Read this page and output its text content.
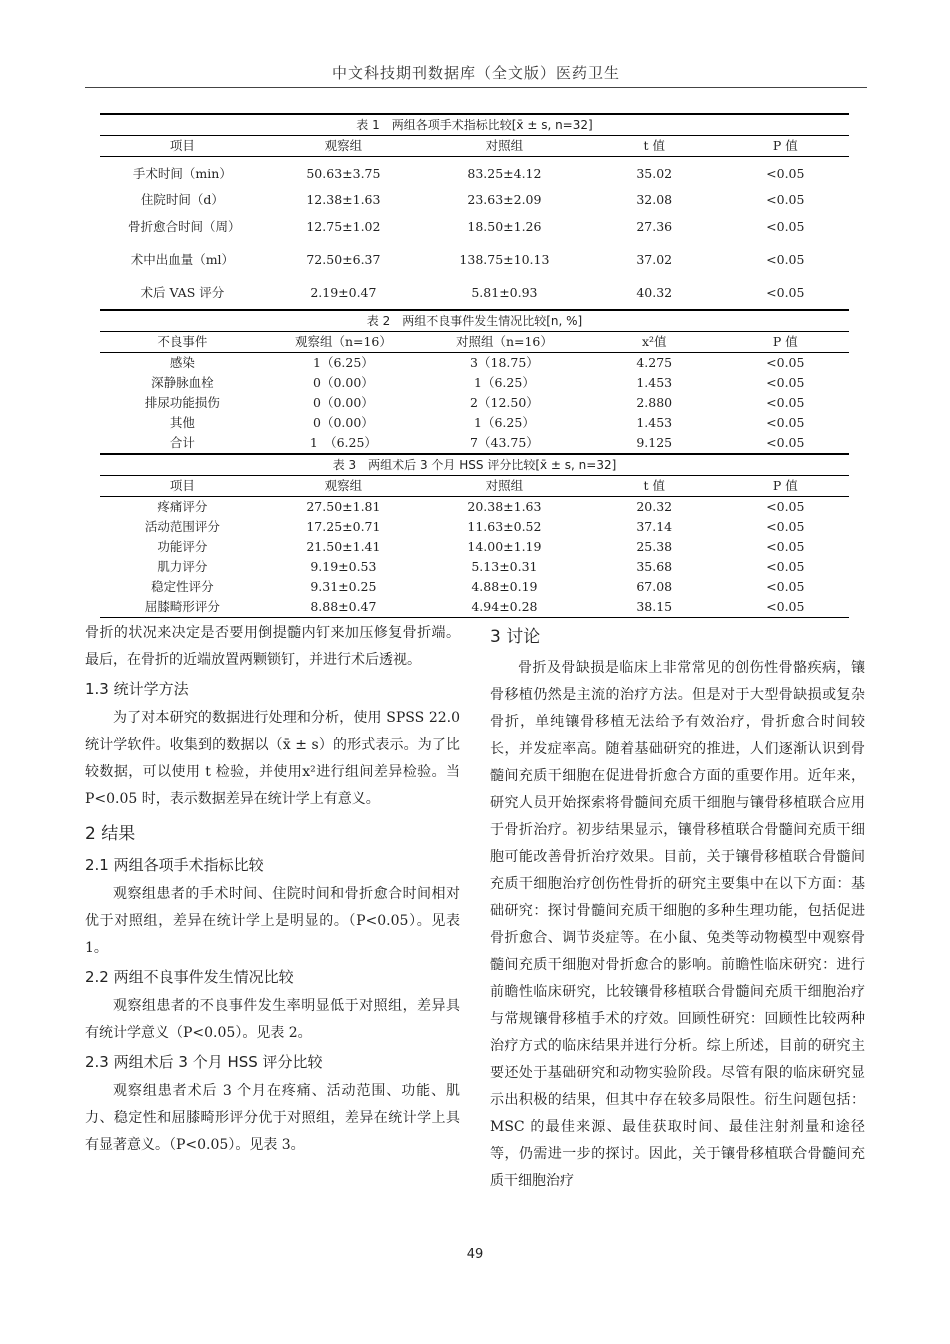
中文科技期刊数据库（全文版）医药卫生
表 1　两组各项手术指标比较[x̄ ± s, n=32]				
项目	观察组	对照组	t 值	P 值
手术时间（min）	50.63±3.75	83.25±4.12	35.02	<0.05
住院时间（d）	12.38±1.63	23.63±2.09	32.08	<0.05
骨折愈合时间（周）	12.75±1.02	18.50±1.26	27.36	<0.05
术中出血量（ml）	72.50±6.37	138.75±10.13	37.02	<0.05
术后 VAS 评分	2.19±0.47	5.81±0.93	40.32	<0.05
表 2　两组不良事件发生情况比较[n, %]				
不良事件	观察组（n=16）	对照组（n=16）	x²值	P 值
感染	1（6.25）	3（18.75）	4.275	<0.05
深静脉血栓	0（0.00）	1（6.25）	1.453	<0.05
排尿功能损伤	0（0.00）	2（12.50）	2.880	<0.05
其他	0（0.00）	1（6.25）	1.453	<0.05
合计	1　（6.25）	7（43.75）	9.125	<0.05
表 3　两组术后 3 个月 HSS 评分比较[x̄ ± s, n=32]				
项目	观察组	对照组	t 值	P 值
疼痛评分	27.50±1.81	20.38±1.63	20.32	<0.05
活动范围评分	17.25±0.71	11.63±0.52	37.14	<0.05
功能评分	21.50±1.41	14.00±1.19	25.38	<0.05
肌力评分	9.19±0.53	5.13±0.31	35.68	<0.05
稳定性评分	9.31±0.25	4.88±0.19	67.08	<0.05
屈膝畸形评分	8.88±0.47	4.94±0.28	38.15	<0.05

骨折的状况来决定是否要用倒提髓内钉来加压修复骨折端。最后，在骨折的近端放置两颗锁钉，并进行术后透视。

1.3 统计学方法

为了对本研究的数据进行处理和分析，使用 SPSS 22.0 统计学软件。收集到的数据以（x̄ ± s）的形式表示。为了比较数据，可以使用 t 检验，并使用x²进行组间差异检验。当 P<0.05 时，表示数据差异在统计学上有意义。

2 结果
2.1 两组各项手术指标比较

观察组患者的手术时间、住院时间和骨折愈合时间相对优于对照组，差异在统计学上是明显的。（P<0.05）。见表 1。

2.2 两组不良事件发生情况比较

观察组患者的不良事件发生率明显低于对照组，差异具有统计学意义（P<0.05）。见表 2。

2.3 两组术后 3 个月 HSS 评分比较

观察组患者术后 3 个月在疼痛、活动范围、功能、肌力、稳定性和屈膝畸形评分优于对照组，差异在统计学上具有显著意义。（P<0.05）。见表 3。

3 讨论

骨折及骨缺损是临床上非常常见的创伤性骨骼疾病，镶骨移植仍然是主流的治疗方法。但是对于大型骨缺损或复杂骨折，单纯镶骨移植无法给予有效治疗，骨折愈合时间较长，并发症率高。随着基础研究的推进，人们逐渐认识到骨髓间充质干细胞在促进骨折愈合方面的重要作用。近年来，研究人员开始探索将骨髓间充质干细胞与镶骨移植联合应用于骨折治疗。初步结果显示，镶骨移植联合骨髓间充质干细胞可能改善骨折治疗效果。目前，关于镶骨移植联合骨髓间充质干细胞治疗创伤性骨折的研究主要集中在以下方面：基础研究：探讨骨髓间充质干细胞的多种生理功能，包括促进骨折愈合、调节炎症等。在小鼠、兔类等动物模型中观察骨髓间充质干细胞对骨折愈合的影响。前瞻性临床研究：进行前瞻性临床研究，比较镶骨移植联合骨髓间充质干细胞治疗与常规镶骨移植手术的疗效。回顾性研究：回顾性比较两种治疗方式的临床结果并进行分析。综上所述，目前的研究主要还处于基础研究和动物实验阶段。尽管有限的临床研究显示出积极的结果，但其中存在较多局限性。衍生问题包括：MSC 的最佳来源、最佳获取时间、最佳注射剂量和途径等，仍需进一步的探讨。因此，关于镶骨移植联合骨髓间充质干细胞治疗

49
